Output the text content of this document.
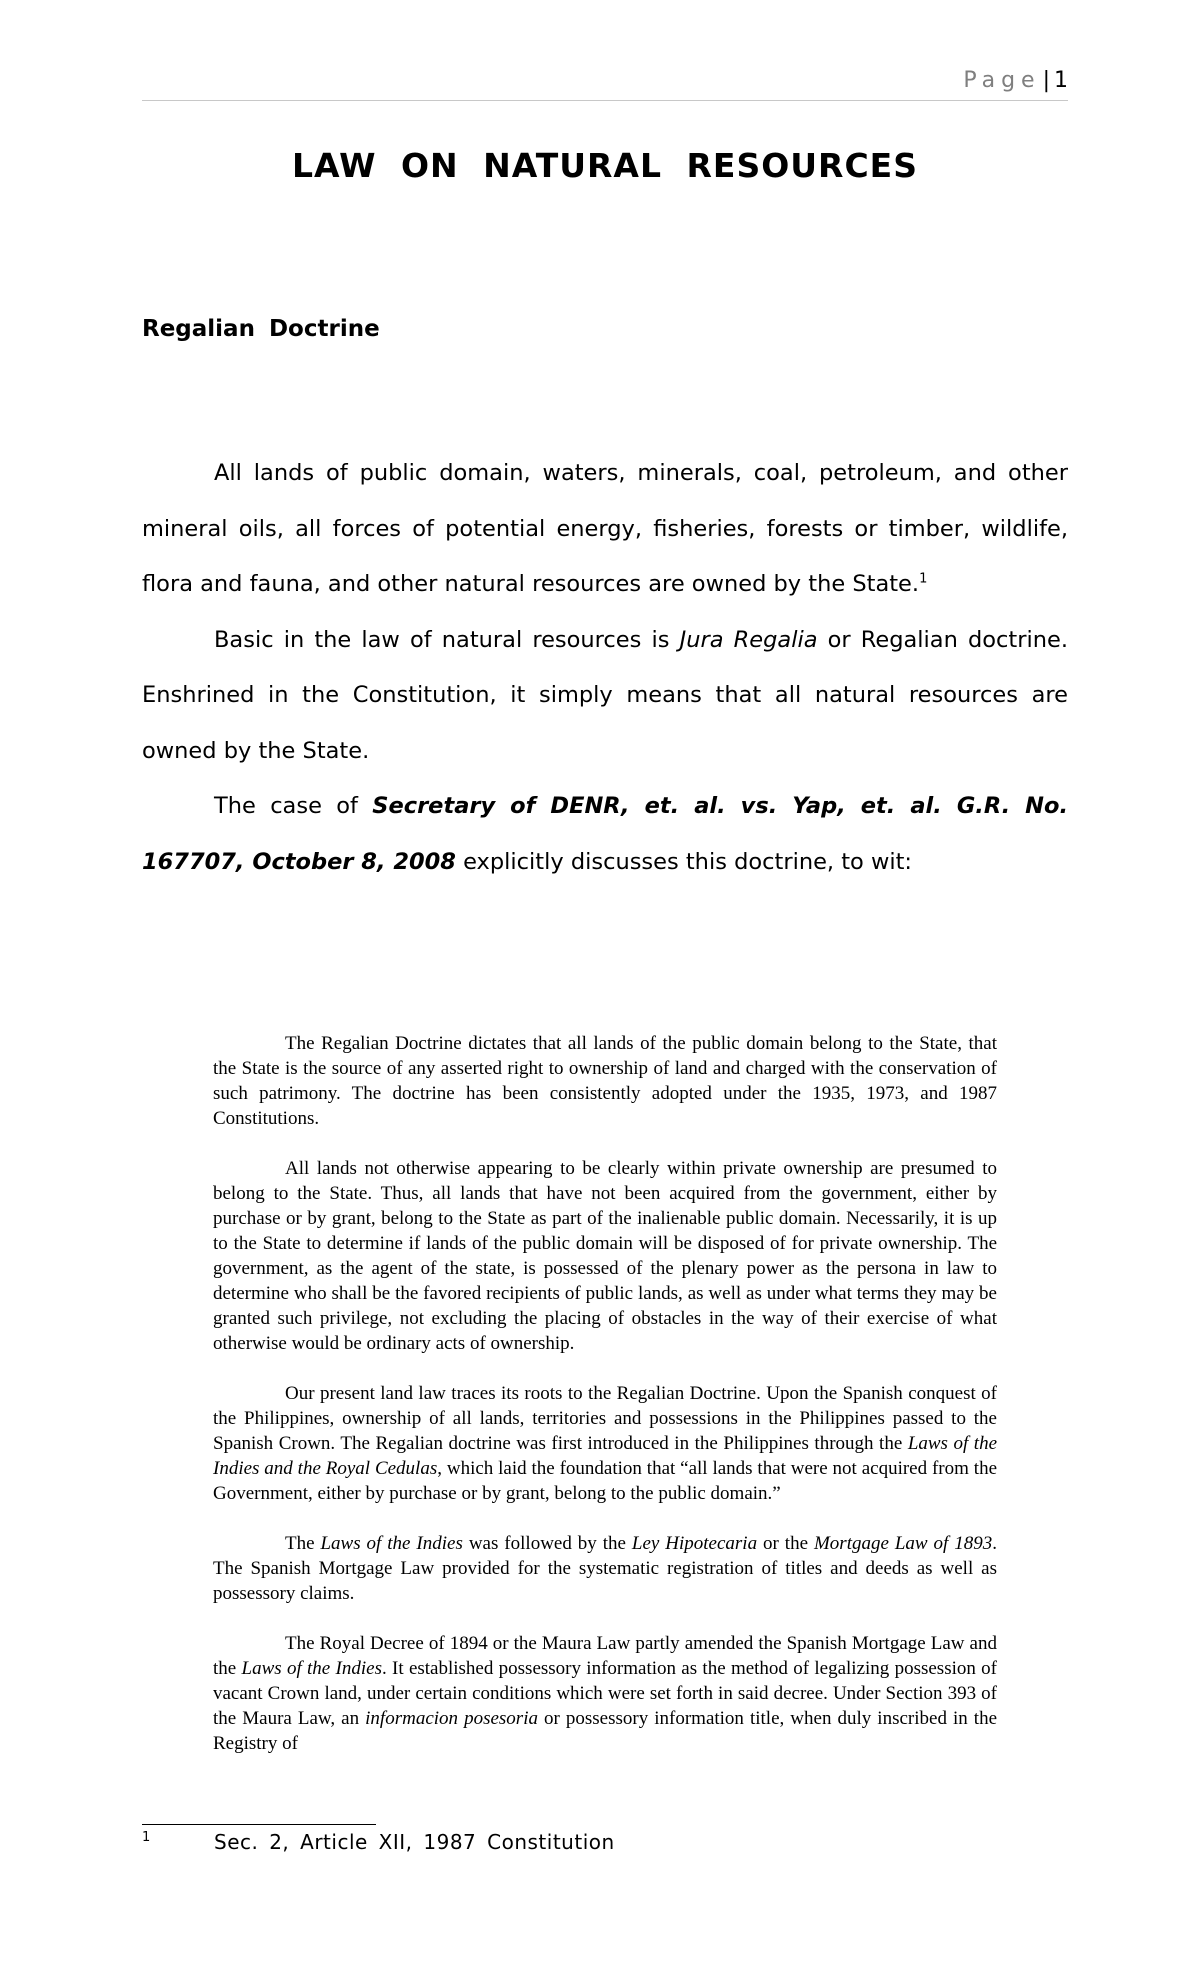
Page| 1
LAW ON NATURAL RESOURCES
Regalian Doctrine

All lands of public domain, waters, minerals, coal, petroleum, and other mineral oils, all forces of potential energy, fisheries, forests or timber, wildlife, flora and fauna, and other natural resources are owned by the State.$^1$

Basic in the law of natural resources is Jura Regalia or Regalian doctrine. Enshrined in the Constitution, it simply means that all natural resources are owned by the State.

The case of Secretary of DENR, et. al. vs. Yap, et. al. G.R. No. 167707, October 8, 2008 explicitly discusses this doctrine, to wit:

The Regalian Doctrine dictates that all lands of the public domain belong to the State, that the State is the source of any asserted right to ownership of land and charged with the conservation of such patrimony. The doctrine has been consistently adopted under the 1935, 1973, and 1987 Constitutions.

All lands not otherwise appearing to be clearly within private ownership are presumed to belong to the State. Thus, all lands that have not been acquired from the government, either by purchase or by grant, belong to the State as part of the inalienable public domain. Necessarily, it is up to the State to determine if lands of the public domain will be disposed of for private ownership. The government, as the agent of the state, is possessed of the plenary power as the persona in law to determine who shall be the favored recipients of public lands, as well as under what terms they may be granted such privilege, not excluding the placing of obstacles in the way of their exercise of what otherwise would be ordinary acts of ownership.

Our present land law traces its roots to the Regalian Doctrine. Upon the Spanish conquest of the Philippines, ownership of all lands, territories and possessions in the Philippines passed to the Spanish Crown. The Regalian doctrine was first introduced in the Philippines through the Laws of the Indies and the Royal Cedulas, which laid the foundation that “all lands that were not acquired from the Government, either by purchase or by grant, belong to the public domain.”

The Laws of the Indies was followed by the Ley Hipotecaria or the Mortgage Law of 1893. The Spanish Mortgage Law provided for the systematic registration of titles and deeds as well as possessory claims.

The Royal Decree of 1894 or the Maura Law partly amended the Spanish Mortgage Law and the Laws of the Indies. It established possessory information as the method of legalizing possession of vacant Crown land, under certain conditions which were set forth in said decree. Under Section 393 of the Maura Law, an informacion posesoria or possessory information title, when duly inscribed in the Registry of

1	Sec. 2, Article XII, 1987 Constitution
